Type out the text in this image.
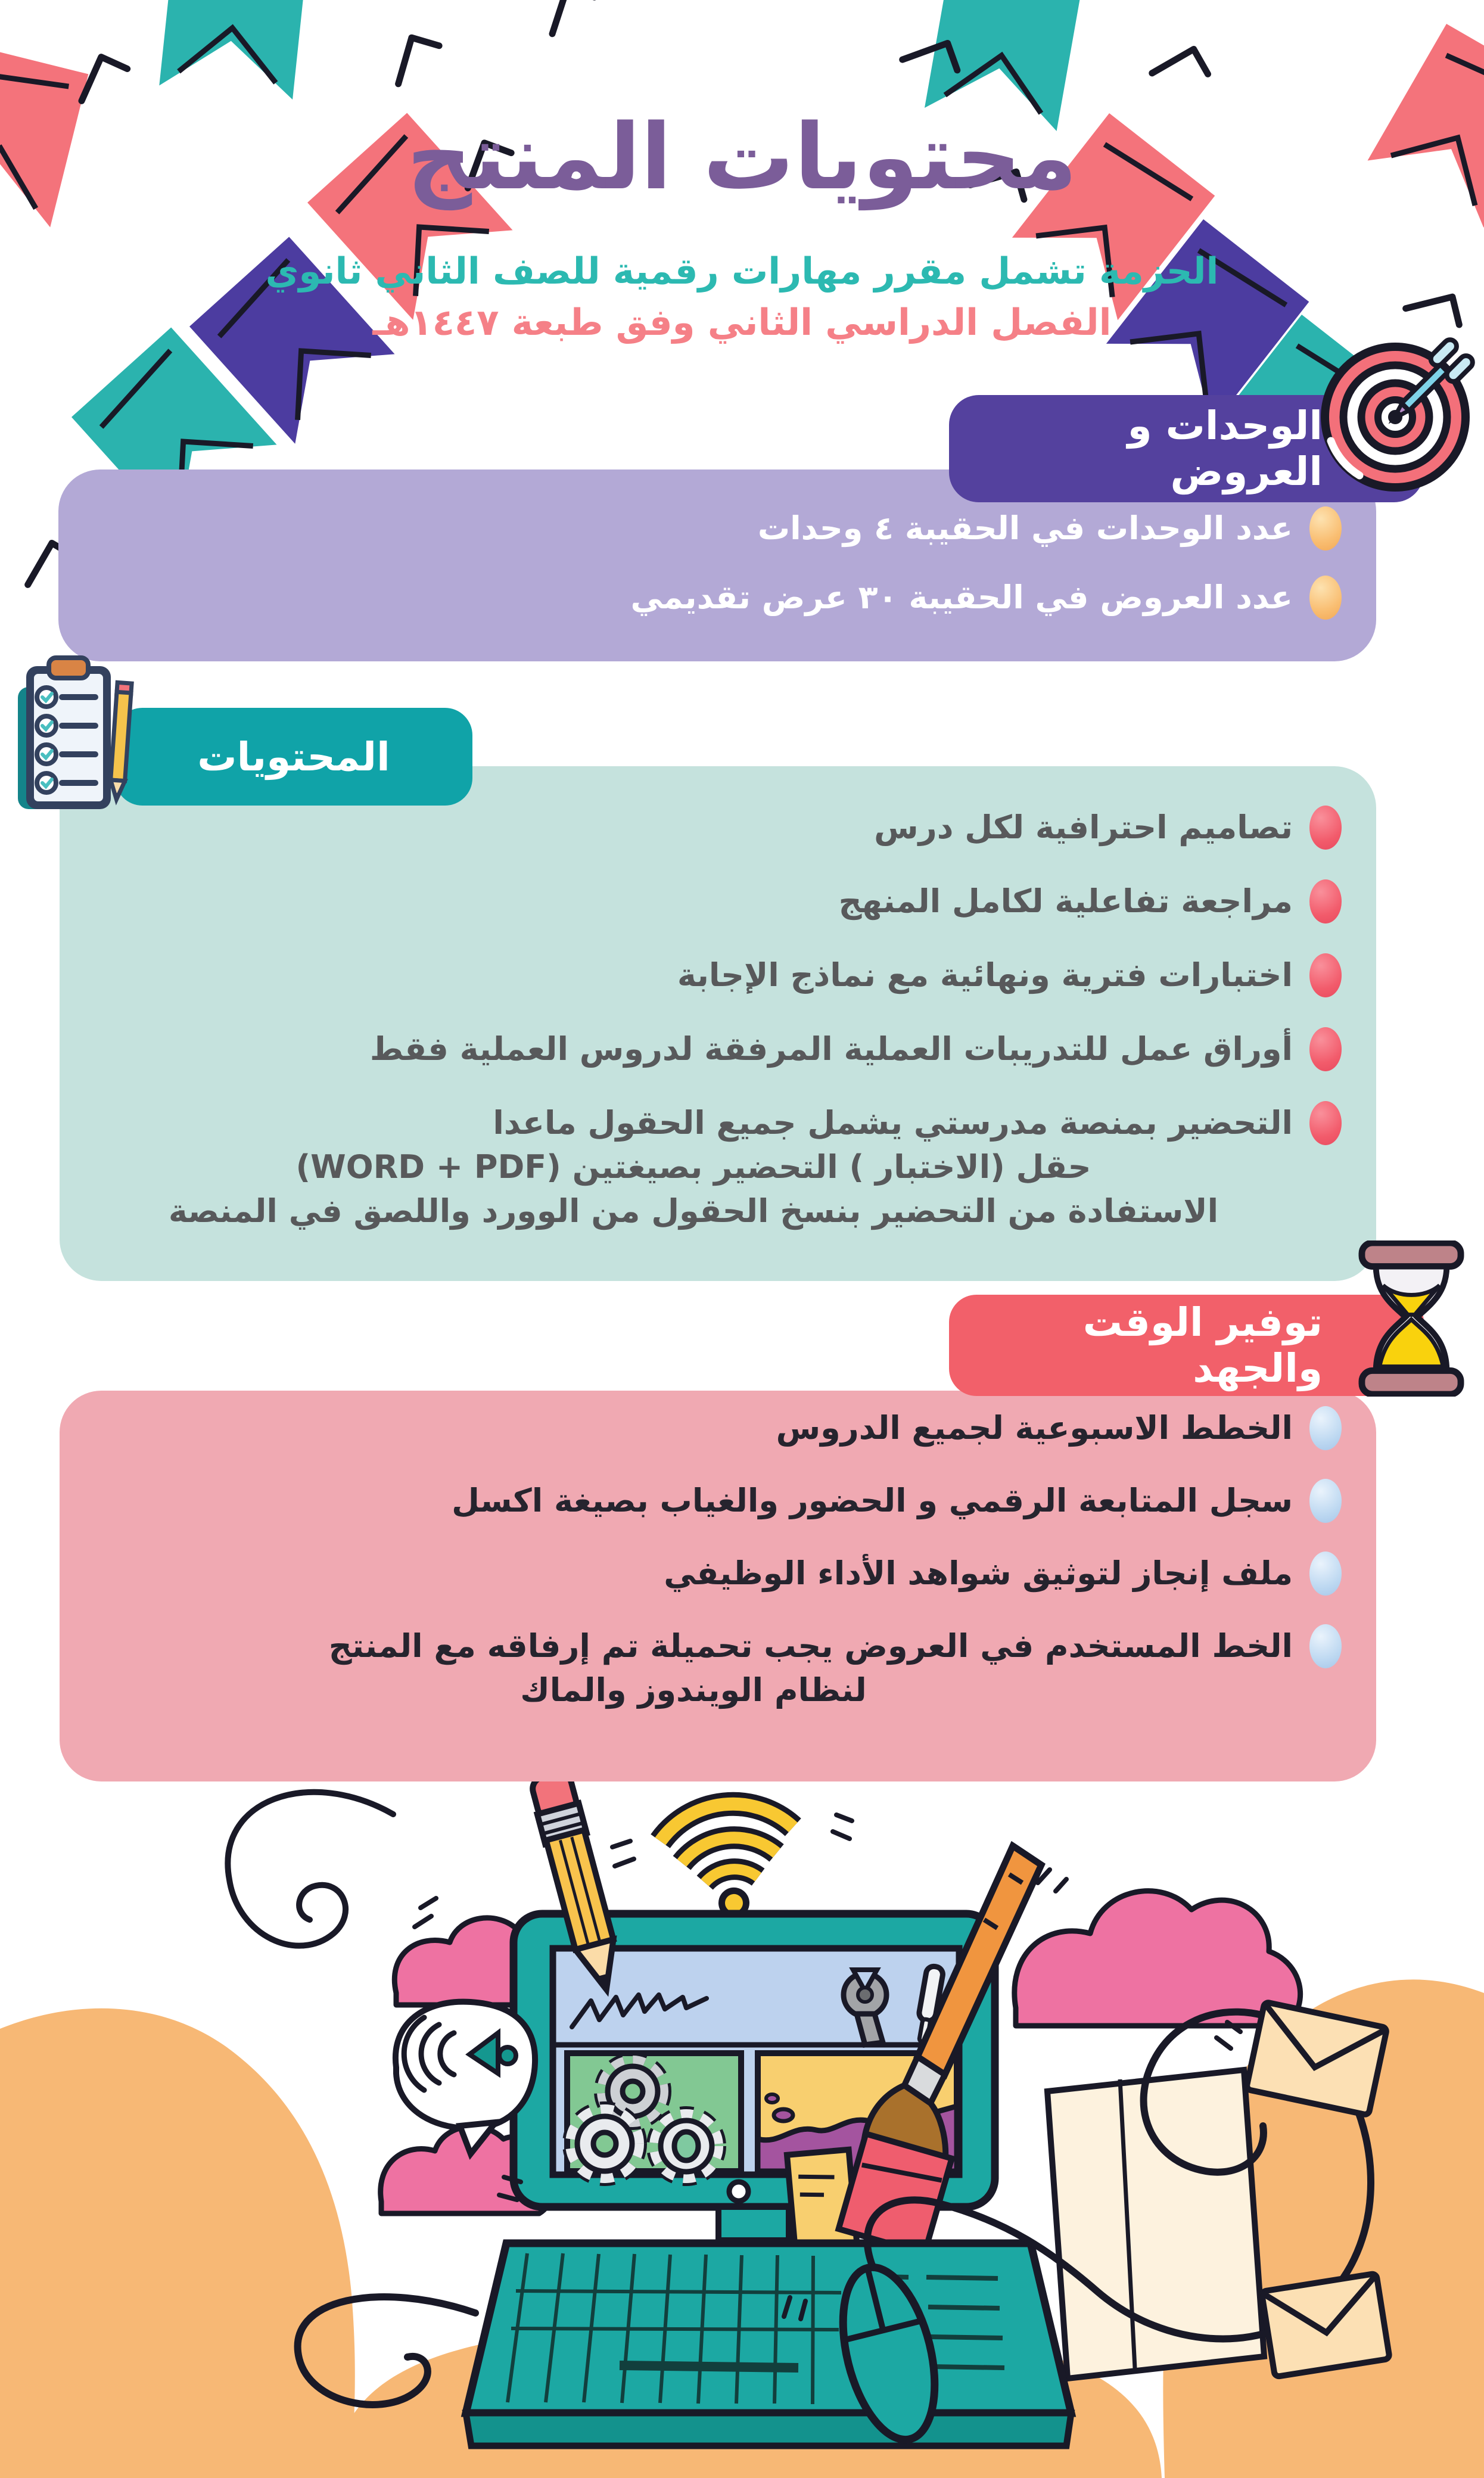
محتويات المنتج
الحزمة تشمل مقرر مهارات رقمية للصف الثاني ثانوي
الفصل الدراسي الثاني وفق طبعة ١٤٤٧هـ
الوحدات و العروض
عدد الوحدات في الحقيبة ٤ وحدات
عدد العروض في الحقيبة ٣٠ عرض تقديمي
المحتويات
تصاميم احترافية لكل درس
مراجعة تفاعلية لكامل المنهج
اختبارات فترية ونهائية مع نماذج الإجابة
أوراق عمل للتدريبات العملية المرفقة لدروس العملية فقط
التحضير بمنصة مدرستي يشمل جميع الحقول ماعدا
حقل (الاختبار ) التحضير بصيغتين (WORD + PDF)
الاستفادة من التحضير بنسخ الحقول من الوورد واللصق في المنصة
توفير الوقت والجهد
الخطط الاسبوعية لجميع الدروس
سجل المتابعة الرقمي و الحضور والغياب بصيغة اكسل
ملف إنجاز لتوثيق شواهد الأداء الوظيفي
الخط المستخدم في العروض يجب تحميلة تم إرفاقه مع المنتج
لنظام الويندوز والماك
